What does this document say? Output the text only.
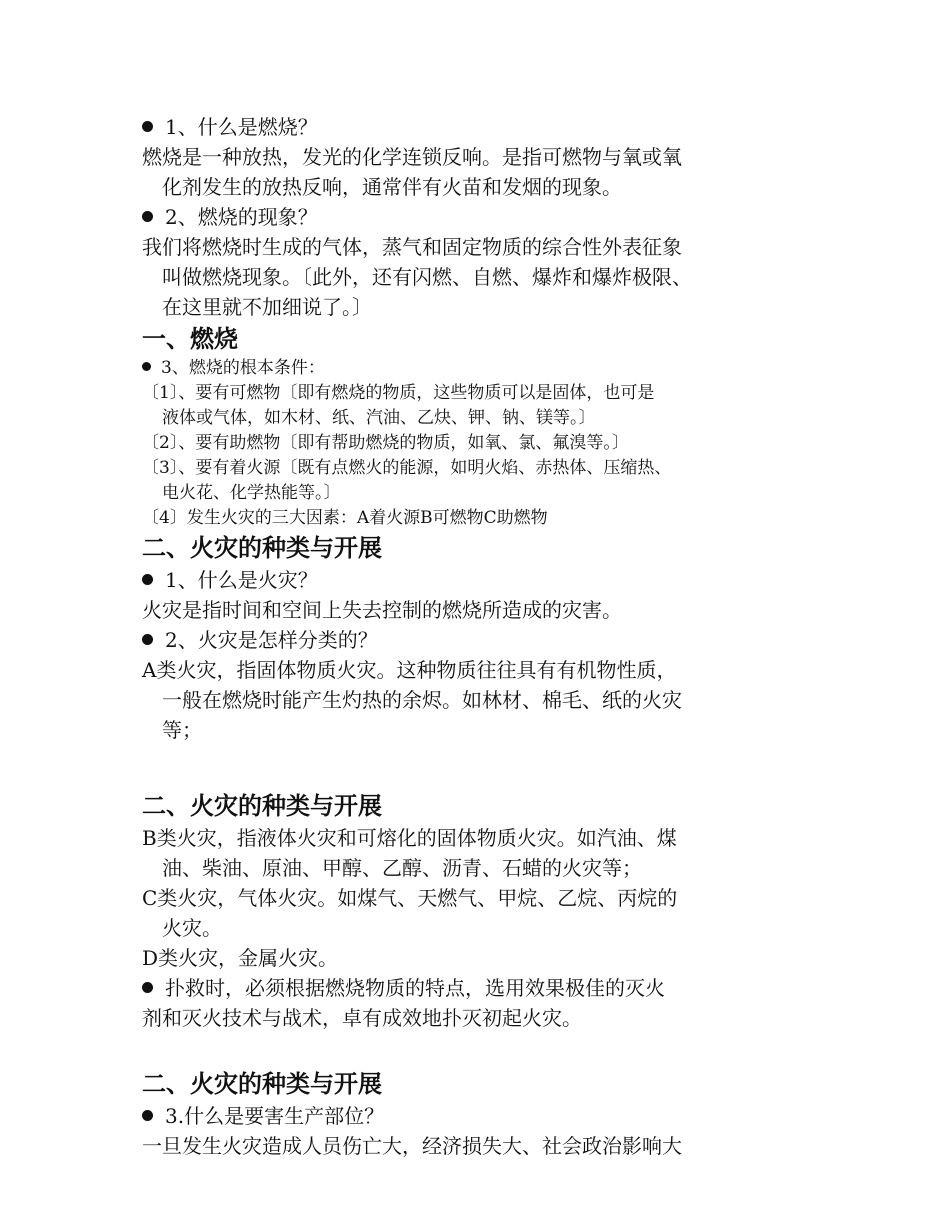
1、什么是燃烧？
燃烧是一种放热，发光的化学连锁反响。是指可燃物与氧或氧
化剂发生的放热反响，通常伴有火苗和发烟的现象。
2、燃烧的现象？
我们将燃烧时生成的气体，蒸气和固定物质的综合性外表征象
叫做燃烧现象。〔此外，还有闪燃、自燃、爆炸和爆炸极限、
在这里就不加细说了。〕
一、燃烧
3、燃烧的根本条件：
〔1〕、要有可燃物〔即有燃烧的物质，这些物质可以是固体，也可是
液体或气体，如木材、纸、汽油、乙炔、钾、钠、镁等。〕
〔2〕、要有助燃物〔即有帮助燃烧的物质，如氧、氯、氟溴等。〕
〔3〕、要有着火源〔既有点燃火的能源，如明火焰、赤热体、压缩热、
电火花、化学热能等。〕
〔4〕发生火灾的三大因素：A着火源B可燃物C助燃物
二、火灾的种类与开展
1、什么是火灾？
火灾是指时间和空间上失去控制的燃烧所造成的灾害。
2、火灾是怎样分类的？
A类火灾，指固体物质火灾。这种物质往往具有有机物性质，
一般在燃烧时能产生灼热的余烬。如林材、棉毛、纸的火灾
等；
二、火灾的种类与开展
B类火灾，指液体火灾和可熔化的固体物质火灾。如汽油、煤
油、柴油、原油、甲醇、乙醇、沥青、石蜡的火灾等；
C类火灾，气体火灾。如煤气、天燃气、甲烷、乙烷、丙烷的
火灾。
D类火灾，金属火灾。
扑救时，必须根据燃烧物质的特点，选用效果极佳的灭火
剂和灭火技术与战术，卓有成效地扑灭初起火灾。
二、火灾的种类与开展
3.什么是要害生产部位？
一旦发生火灾造成人员伤亡大，经济损失大、社会政治影响大
